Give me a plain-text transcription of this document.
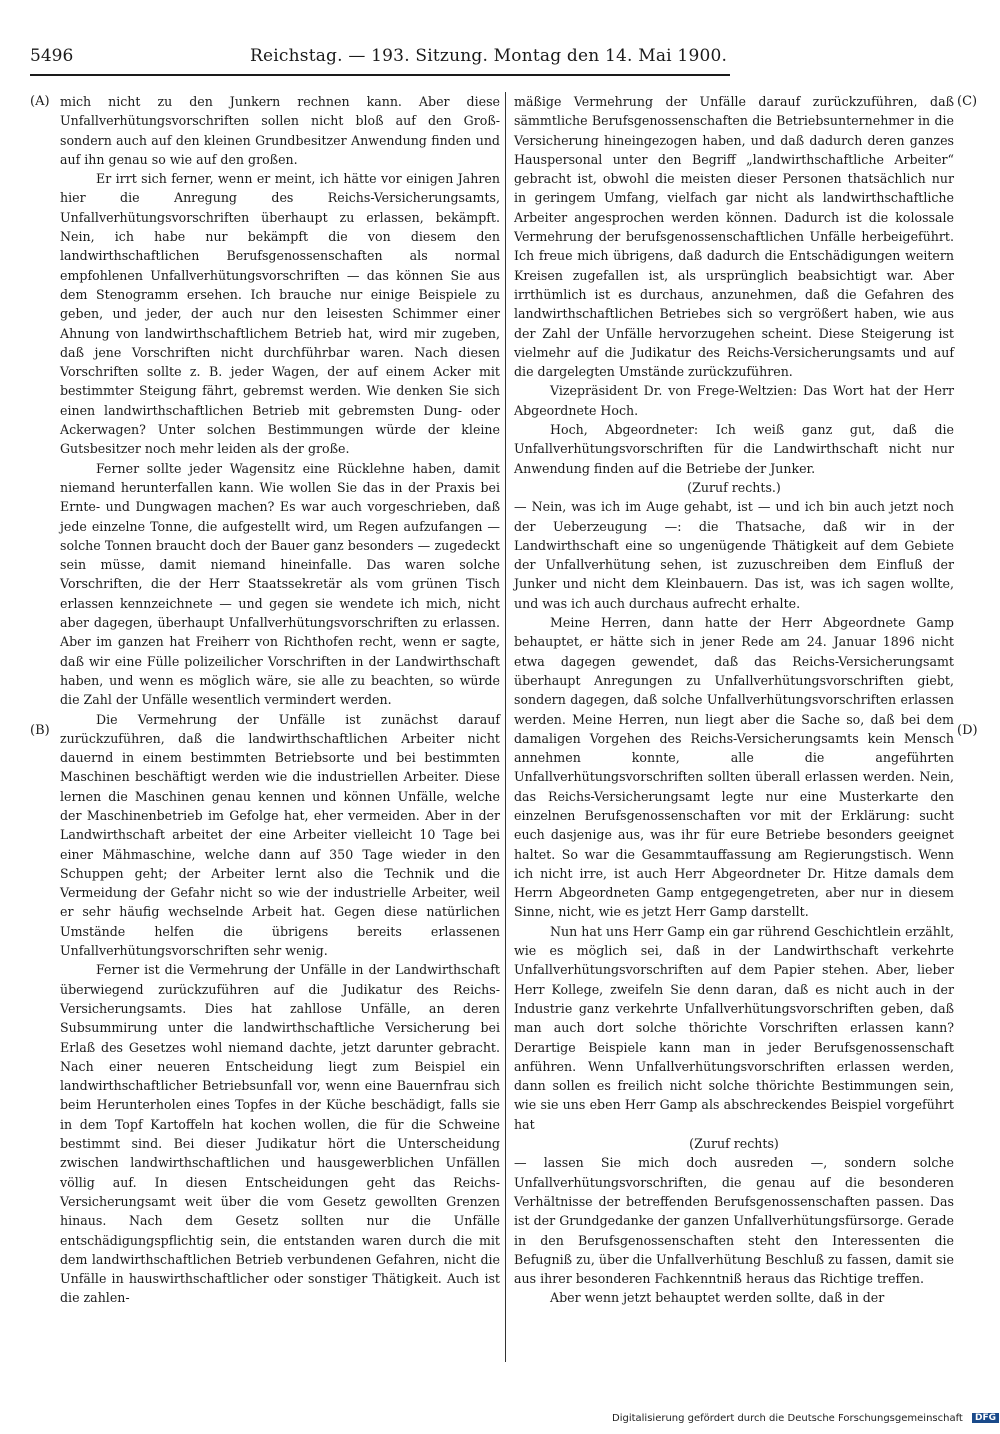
5496	Reichstag. — 193. Sitzung. Montag den 14. Mai 1900.
(A)
(B)
(C)
(D)

mich nicht zu den Junkern rechnen kann. Aber diese Unfallverhütungsvorschriften sollen nicht bloß auf den Groß- sondern auch auf den kleinen Grundbesitzer Anwendung finden und auf ihn genau so wie auf den großen.

Er irrt sich ferner, wenn er meint, ich hätte vor einigen Jahren hier die Anregung des Reichs-Versicherungsamts, Unfallverhütungsvorschriften überhaupt zu erlassen, bekämpft. Nein, ich habe nur bekämpft die von diesem den landwirthschaftlichen Berufsgenossenschaften als normal empfohlenen Unfallverhütungsvorschriften — das können Sie aus dem Stenogramm ersehen. Ich brauche nur einige Beispiele zu geben, und jeder, der auch nur den leisesten Schimmer einer Ahnung von landwirthschaftlichem Betrieb hat, wird mir zugeben, daß jene Vorschriften nicht durchführbar waren. Nach diesen Vorschriften sollte z. B. jeder Wagen, der auf einem Acker mit bestimmter Steigung fährt, gebremst werden. Wie denken Sie sich einen landwirthschaftlichen Betrieb mit gebremsten Dung- oder Ackerwagen? Unter solchen Bestimmungen würde der kleine Gutsbesitzer noch mehr leiden als der große.

Ferner sollte jeder Wagensitz eine Rücklehne haben, damit niemand herunterfallen kann. Wie wollen Sie das in der Praxis bei Ernte- und Dungwagen machen? Es war auch vorgeschrieben, daß jede einzelne Tonne, die aufgestellt wird, um Regen aufzufangen — solche Tonnen braucht doch der Bauer ganz besonders — zugedeckt sein müsse, damit niemand hineinfalle. Das waren solche Vorschriften, die der Herr Staatssekretär als vom grünen Tisch erlassen kennzeichnete — und gegen sie wendete ich mich, nicht aber dagegen, überhaupt Unfallverhütungsvorschriften zu erlassen. Aber im ganzen hat Freiherr von Richthofen recht, wenn er sagte, daß wir eine Fülle polizeilicher Vorschriften in der Landwirthschaft haben, und wenn es möglich wäre, sie alle zu beachten, so würde die Zahl der Unfälle wesentlich vermindert werden.

Die Vermehrung der Unfälle ist zunächst darauf zurückzuführen, daß die landwirthschaftlichen Arbeiter nicht dauernd in einem bestimmten Betriebsorte und bei bestimmten Maschinen beschäftigt werden wie die industriellen Arbeiter. Diese lernen die Maschinen genau kennen und können Unfälle, welche der Maschinenbetrieb im Gefolge hat, eher vermeiden. Aber in der Landwirthschaft arbeitet der eine Arbeiter vielleicht 10 Tage bei einer Mähmaschine, welche dann auf 350 Tage wieder in den Schuppen geht; der Arbeiter lernt also die Technik und die Vermeidung der Gefahr nicht so wie der industrielle Arbeiter, weil er sehr häufig wechselnde Arbeit hat. Gegen diese natürlichen Umstände helfen die übrigens bereits erlassenen Unfallverhütungsvorschriften sehr wenig.

Ferner ist die Vermehrung der Unfälle in der Landwirthschaft überwiegend zurückzuführen auf die Judikatur des Reichs-Versicherungsamts. Dies hat zahllose Unfälle, an deren Subsummirung unter die landwirthschaftliche Versicherung bei Erlaß des Gesetzes wohl niemand dachte, jetzt darunter gebracht. Nach einer neueren Entscheidung liegt zum Beispiel ein landwirthschaftlicher Betriebsunfall vor, wenn eine Bauernfrau sich beim Herunterholen eines Topfes in der Küche beschädigt, falls sie in dem Topf Kartoffeln hat kochen wollen, die für die Schweine bestimmt sind. Bei dieser Judikatur hört die Unterscheidung zwischen landwirthschaftlichen und hausgewerblichen Unfällen völlig auf. In diesen Entscheidungen geht das Reichs-Versicherungsamt weit über die vom Gesetz gewollten Grenzen hinaus. Nach dem Gesetz sollten nur die Unfälle entschädigungspflichtig sein, die entstanden waren durch die mit dem landwirthschaftlichen Betrieb verbundenen Gefahren, nicht die Unfälle in hauswirthschaftlicher oder sonstiger Thätigkeit. Auch ist die zahlen-

mäßige Vermehrung der Unfälle darauf zurückzuführen, daß sämmtliche Berufsgenossenschaften die Betriebsunternehmer in die Versicherung hineingezogen haben, und daß dadurch deren ganzes Hauspersonal unter den Begriff „landwirthschaftliche Arbeiter“ gebracht ist, obwohl die meisten dieser Personen thatsächlich nur in geringem Umfang, vielfach gar nicht als landwirthschaftliche Arbeiter angesprochen werden können. Dadurch ist die kolossale Vermehrung der berufsgenossenschaftlichen Unfälle herbeigeführt. Ich freue mich übrigens, daß dadurch die Entschädigungen weitern Kreisen zugefallen ist, als ursprünglich beabsichtigt war. Aber irrthümlich ist es durchaus, anzunehmen, daß die Gefahren des landwirthschaftlichen Betriebes sich so vergrößert haben, wie aus der Zahl der Unfälle hervorzugehen scheint. Diese Steigerung ist vielmehr auf die Judikatur des Reichs-Versicherungsamts und auf die dargelegten Umstände zurückzuführen.

Vizepräsident Dr. von Frege-Weltzien: Das Wort hat der Herr Abgeordnete Hoch.

Hoch, Abgeordneter: Ich weiß ganz gut, daß die Unfallverhütungsvorschriften für die Landwirthschaft nicht nur Anwendung finden auf die Betriebe der Junker.

(Zuruf rechts.)

— Nein, was ich im Auge gehabt, ist — und ich bin auch jetzt noch der Ueberzeugung —: die Thatsache, daß wir in der Landwirthschaft eine so ungenügende Thätigkeit auf dem Gebiete der Unfallverhütung sehen, ist zuzuschreiben dem Einfluß der Junker und nicht dem Kleinbauern. Das ist, was ich sagen wollte, und was ich auch durchaus aufrecht erhalte.

Meine Herren, dann hatte der Herr Abgeordnete Gamp behauptet, er hätte sich in jener Rede am 24. Januar 1896 nicht etwa dagegen gewendet, daß das Reichs-Versicherungsamt überhaupt Anregungen zu Unfallverhütungsvorschriften giebt, sondern dagegen, daß solche Unfallverhütungsvorschriften erlassen werden. Meine Herren, nun liegt aber die Sache so, daß bei dem damaligen Vorgehen des Reichs-Versicherungsamts kein Mensch annehmen konnte, alle die angeführten Unfallverhütungsvorschriften sollten überall erlassen werden. Nein, das Reichs-Versicherungsamt legte nur eine Musterkarte den einzelnen Berufsgenossenschaften vor mit der Erklärung: sucht euch dasjenige aus, was ihr für eure Betriebe besonders geeignet haltet. So war die Gesammtauffassung am Regierungstisch. Wenn ich nicht irre, ist auch Herr Abgeordneter Dr. Hitze damals dem Herrn Abgeordneten Gamp entgegengetreten, aber nur in diesem Sinne, nicht, wie es jetzt Herr Gamp darstellt.

Nun hat uns Herr Gamp ein gar rührend Geschichtlein erzählt, wie es möglich sei, daß in der Landwirthschaft verkehrte Unfallverhütungsvorschriften auf dem Papier stehen. Aber, lieber Herr Kollege, zweifeln Sie denn daran, daß es nicht auch in der Industrie ganz verkehrte Unfallverhütungsvorschriften geben, daß man auch dort solche thörichte Vorschriften erlassen kann? Derartige Beispiele kann man in jeder Berufsgenossenschaft anführen. Wenn Unfallverhütungsvorschriften erlassen werden, dann sollen es freilich nicht solche thörichte Bestimmungen sein, wie sie uns eben Herr Gamp als abschreckendes Beispiel vorgeführt hat

(Zuruf rechts)

— lassen Sie mich doch ausreden —, sondern solche Unfallverhütungsvorschriften, die genau auf die besonderen Verhältnisse der betreffenden Berufsgenossenschaften passen. Das ist der Grundgedanke der ganzen Unfallverhütungsfürsorge. Gerade in den Berufsgenossenschaften steht den Interessenten die Befugniß zu, über die Unfallverhütung Beschluß zu fassen, damit sie aus ihrer besonderen Fachkenntniß heraus das Richtige treffen.

Aber wenn jetzt behauptet werden sollte, daß in der

Digitalisierung gefördert durch die Deutsche Forschungsgemeinschaft DFG
